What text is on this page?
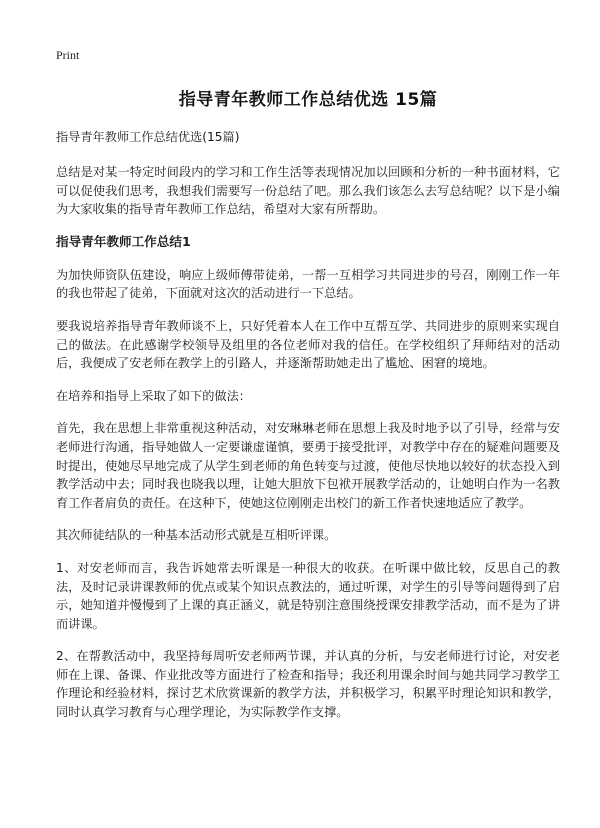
Print
指导青年教师工作总结优选 15篇
指导青年教师工作总结优选(15篇)

总结是对某一特定时间段内的学习和工作生活等表现情况加以回顾和分析的一种书面材料，它可以促使我们思考，我想我们需要写一份总结了吧。那么我们该怎么去写总结呢？以下是小编为大家收集的指导青年教师工作总结，希望对大家有所帮助。

指导青年教师工作总结1

为加快师资队伍建设，响应上级师傅带徒弟，一帮一互相学习共同进步的号召，刚刚工作一年的我也带起了徒弟，下面就对这次的活动进行一下总结。

要我说培养指导青年教师谈不上，只好凭着本人在工作中互帮互学、共同进步的原则来实现自己的做法。在此感谢学校领导及组里的各位老师对我的信任。在学校组织了拜师结对的活动后，我便成了安老师在教学上的引路人，并逐渐帮助她走出了尴尬、困窘的境地。

在培养和指导上采取了如下的做法：

首先，我在思想上非常重视这种活动，对安琳琳老师在思想上我及时地予以了引导，经常与安老师进行沟通，指导她做人一定要谦虚谨慎，要勇于接受批评，对教学中存在的疑难问题要及时提出，使她尽早地完成了从学生到老师的角色转变与过渡，使他尽快地以较好的状态投入到教学活动中去；同时我也晓我以理，让她大胆放下包袱开展教学活动的，让她明白作为一名教育工作者肩负的责任。在这种下，使她这位刚刚走出校门的新工作者快速地适应了教学。

其次师徒结队的一种基本活动形式就是互相听评课。

1、对安老师而言，我告诉她常去听课是一种很大的收获。在听课中做比较，反思自己的教法，及时记录讲课教师的优点或某个知识点教法的，通过听课，对学生的引导等问题得到了启示，她知道并慢慢到了上课的真正涵义，就是特别注意围绕授课安排教学活动，而不是为了讲而讲课。

2、在帮教活动中，我坚持每周听安老师两节课，并认真的分析，与安老师进行讨论，对安老师在上课、备课、作业批改等方面进行了检查和指导；我还利用课余时间与她共同学习教学工作理论和经验材料，探讨艺术欣赏课新的教学方法，并积极学习，积累平时理论知识和教学，同时认真学习教育与心理学理论，为实际教学作支撑。
